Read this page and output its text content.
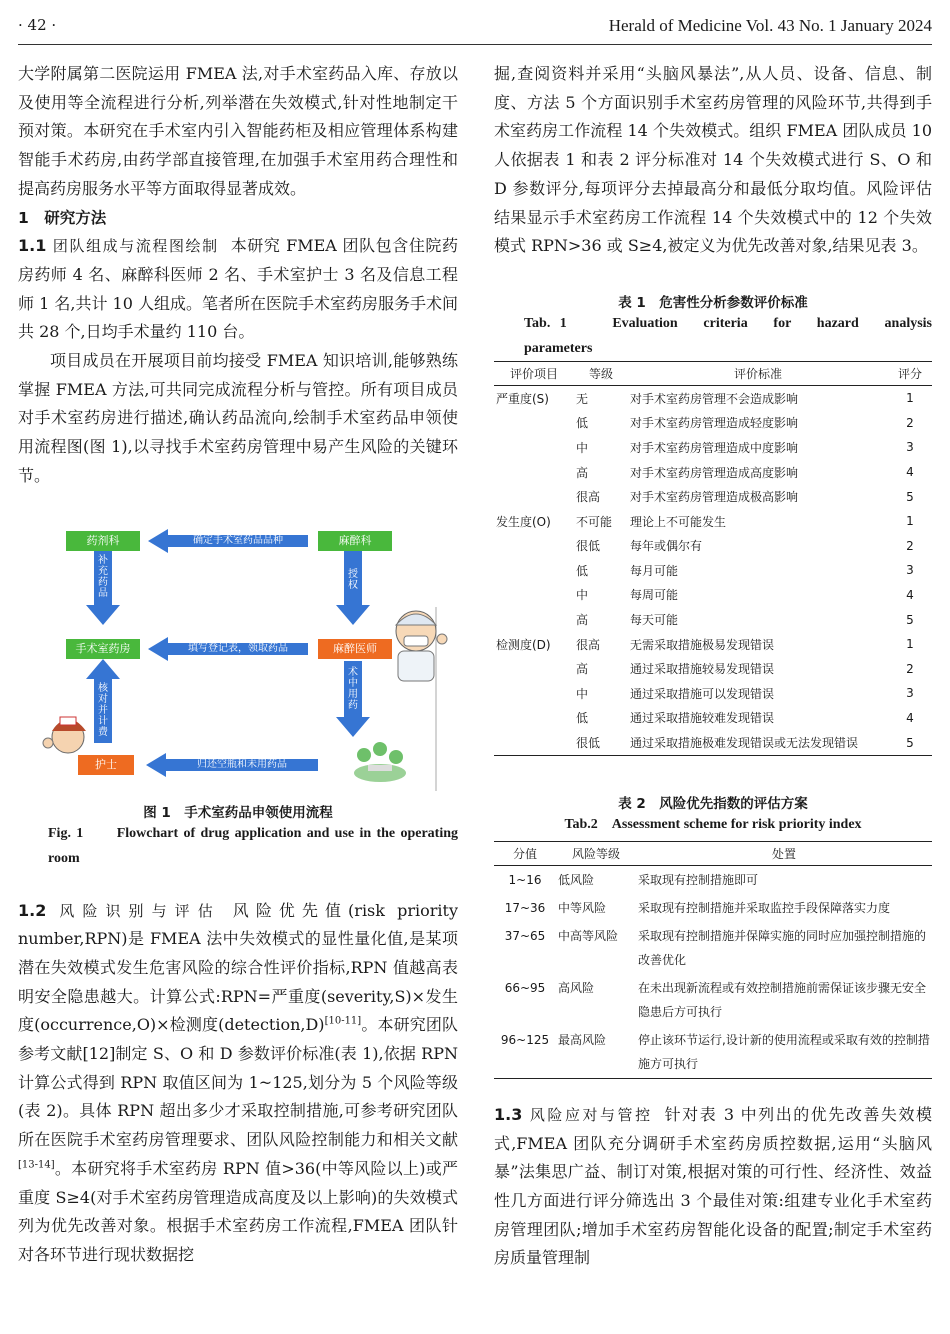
· 42 ·	Herald of Medicine Vol. 43 No. 1 January 2024

大学附属第二医院运用 FMEA 法,对手术室药品入库、存放以及使用等全流程进行分析,列举潜在失效模式,针对性地制定干预对策。本研究在手术室内引入智能药柜及相应管理体系构建智能手术药房,由药学部直接管理,在加强手术室用药合理性和提高药房服务水平等方面取得显著成效。

1　研究方法

1.1 团队组成与流程图绘制 本研究 FMEA 团队包含住院药房药师 4 名、麻醉科医师 2 名、手术室护士 3 名及信息工程师 1 名,共计 10 人组成。笔者所在医院手术室药房服务手术间共 28 个,日均手术量约 110 台。

项目成员在开展项目前均接受 FMEA 知识培训,能够熟练掌握 FMEA 方法,可共同完成流程分析与管控。所有项目成员对手术室药房进行描述,确认药品流向,绘制手术室药品申领使用流程图(图 1),以寻找手术室药房管理中易产生风险的关键环节。

药剂科	麻醉科
手术室药房	麻醉医师
护士
确定手术室药品品种
填写登记表，领取药品
归还空瓶和未用药品
补充药品
授权
术中用药
核对并计费

图 1　手术室药品申领使用流程

Fig. 1　　Flowchart of drug application and use in the operating room

1.2 风险识别与评估 风险优先值(risk priority number,RPN)是 FMEA 法中失效模式的显性量化值,是某项潜在失效模式发生危害风险的综合性评价指标,RPN 值越高表明安全隐患越大。计算公式:RPN=严重度(severity,S)×发生度(occurrence,O)×检测度(detection,D)[10-11]。本研究团队参考文献[12]制定 S、O 和 D 参数评价标准(表 1),依据 RPN 计算公式得到 RPN 取值区间为 1~125,划分为 5 个风险等级(表 2)。具体 RPN 超出多少才采取控制措施,可参考研究团队所在医院手术室药房管理要求、团队风险控制能力和相关文献[13-14]。本研究将手术室药房 RPN 值>36(中等风险以上)或严重度 S≥4(对手术室药房管理造成高度及以上影响)的失效模式列为优先改善对象。根据手术室药房工作流程,FMEA 团队针对各环节进行现状数据挖

掘,查阅资料并采用“头脑风暴法”,从人员、设备、信息、制度、方法 5 个方面识别手术室药房管理的风险环节,共得到手术室药房工作流程 14 个失效模式。组织 FMEA 团队成员 10 人依据表 1 和表 2 评分标准对 14 个失效模式进行 S、O 和 D 参数评分,每项评分去掉最高分和最低分取均值。风险评估结果显示手术室药房工作流程 14 个失效模式中的 12 个失效模式 RPN>36 或 S≥4,被定义为优先改善对象,结果见表 3。

表 1　危害性分析参数评价标准

Tab. 1　　Evaluation　criteria　for　hazard　analysis parameters

评价项目	等级	评价标准	评分
严重度(S)	无	对手术室药房管理不会造成影响	1
	低	对手术室药房管理造成轻度影响	2
	中	对手术室药房管理造成中度影响	3
	高	对手术室药房管理造成高度影响	4
	很高	对手术室药房管理造成极高影响	5
发生度(O)	不可能	理论上不可能发生	1
	很低	每年或偶尔有	2
	低	每月可能	3
	中	每周可能	4
	高	每天可能	5
检测度(D)	很高	无需采取措施极易发现错误	1
	高	通过采取措施较易发现错误	2
	中	通过采取措施可以发现错误	3
	低	通过采取措施较难发现错误	4
	很低	通过采取措施极难发现错误或无法发现错误	5

表 2　风险优先指数的评估方案

Tab.2　Assessment scheme for risk priority index

分值	风险等级	处置
1~16	低风险	采取现有控制措施即可
17~36	中等风险	采取现有控制措施并采取监控手段保障落实力度
37~65	中高等风险	采取现有控制措施并保障实施的同时应加强控制措施的改善优化
66~95	高风险	在未出现新流程或有效控制措施前需保证该步骤无安全隐患后方可执行
96~125	最高风险	停止该环节运行,设计新的使用流程或采取有效的控制措施方可执行

1.3 风险应对与管控 针对表 3 中列出的优先改善失效模式,FMEA 团队充分调研手术室药房质控数据,运用“头脑风暴”法集思广益、制订对策,根据对策的可行性、经济性、效益性几方面进行评分筛选出 3 个最佳对策:组建专业化手术室药房管理团队;增加手术室药房智能化设备的配置;制定手术室药房质量管理制
